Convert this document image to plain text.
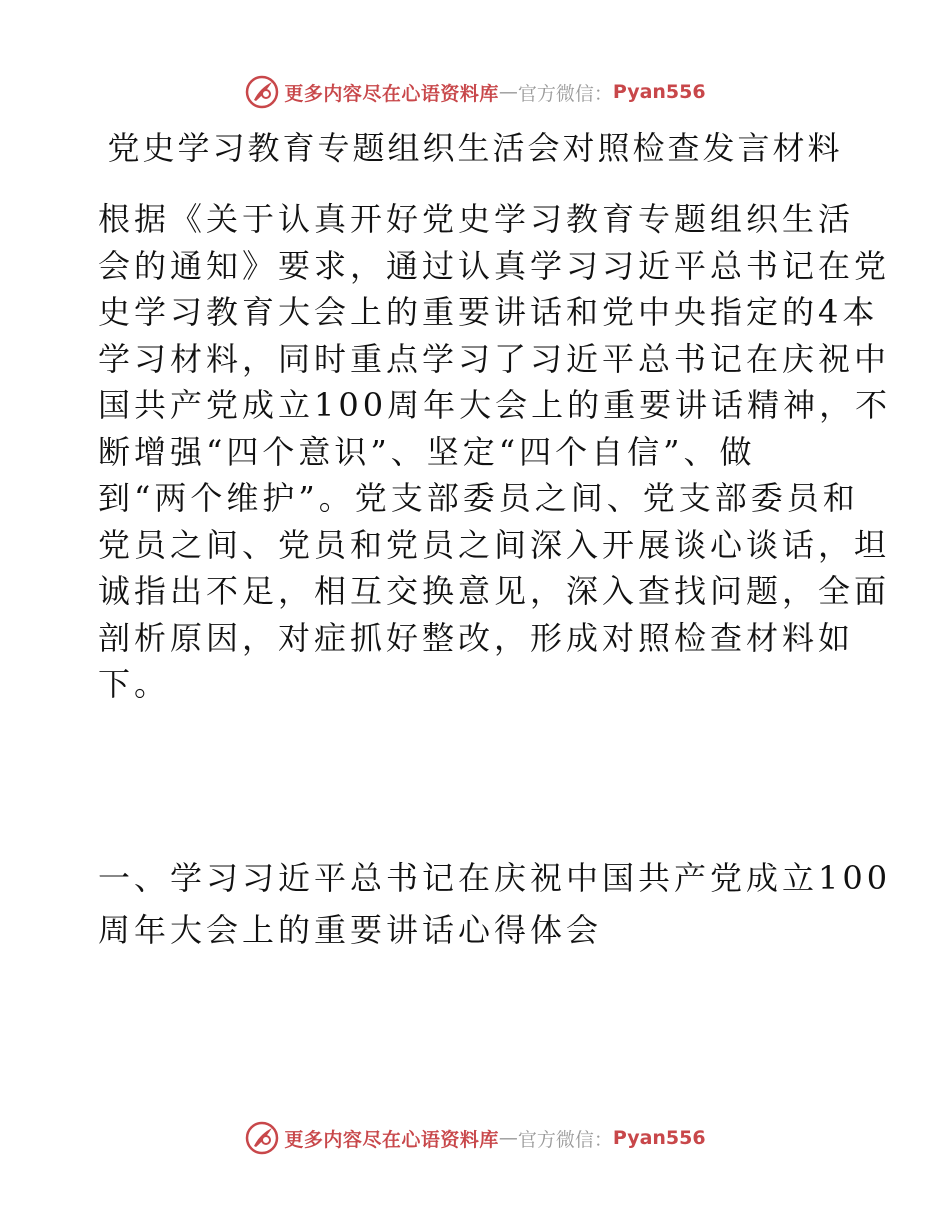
更多内容尽在心语资料库 — 官方微信： Pyan556
党史学习教育专题组织生活会对照检查发言材料
根据《关于认真开好党史学习教育专题组织生活
会的通知》要求，通过认真学习习近平总书记在党
史学习教育大会上的重要讲话和党中央指定的4本
学习材料，同时重点学习了习近平总书记在庆祝中
国共产党成立100周年大会上的重要讲话精神，不
断增强“四个意识”、坚定“四个自信”、做
到“两个维护”。党支部委员之间、党支部委员和
党员之间、党员和党员之间深入开展谈心谈话，坦
诚指出不足，相互交换意见，深入查找问题，全面
剖析原因，对症抓好整改，形成对照检查材料如
下。
一、学习习近平总书记在庆祝中国共产党成立100
周年大会上的重要讲话心得体会
更多内容尽在心语资料库 — 官方微信： Pyan556
